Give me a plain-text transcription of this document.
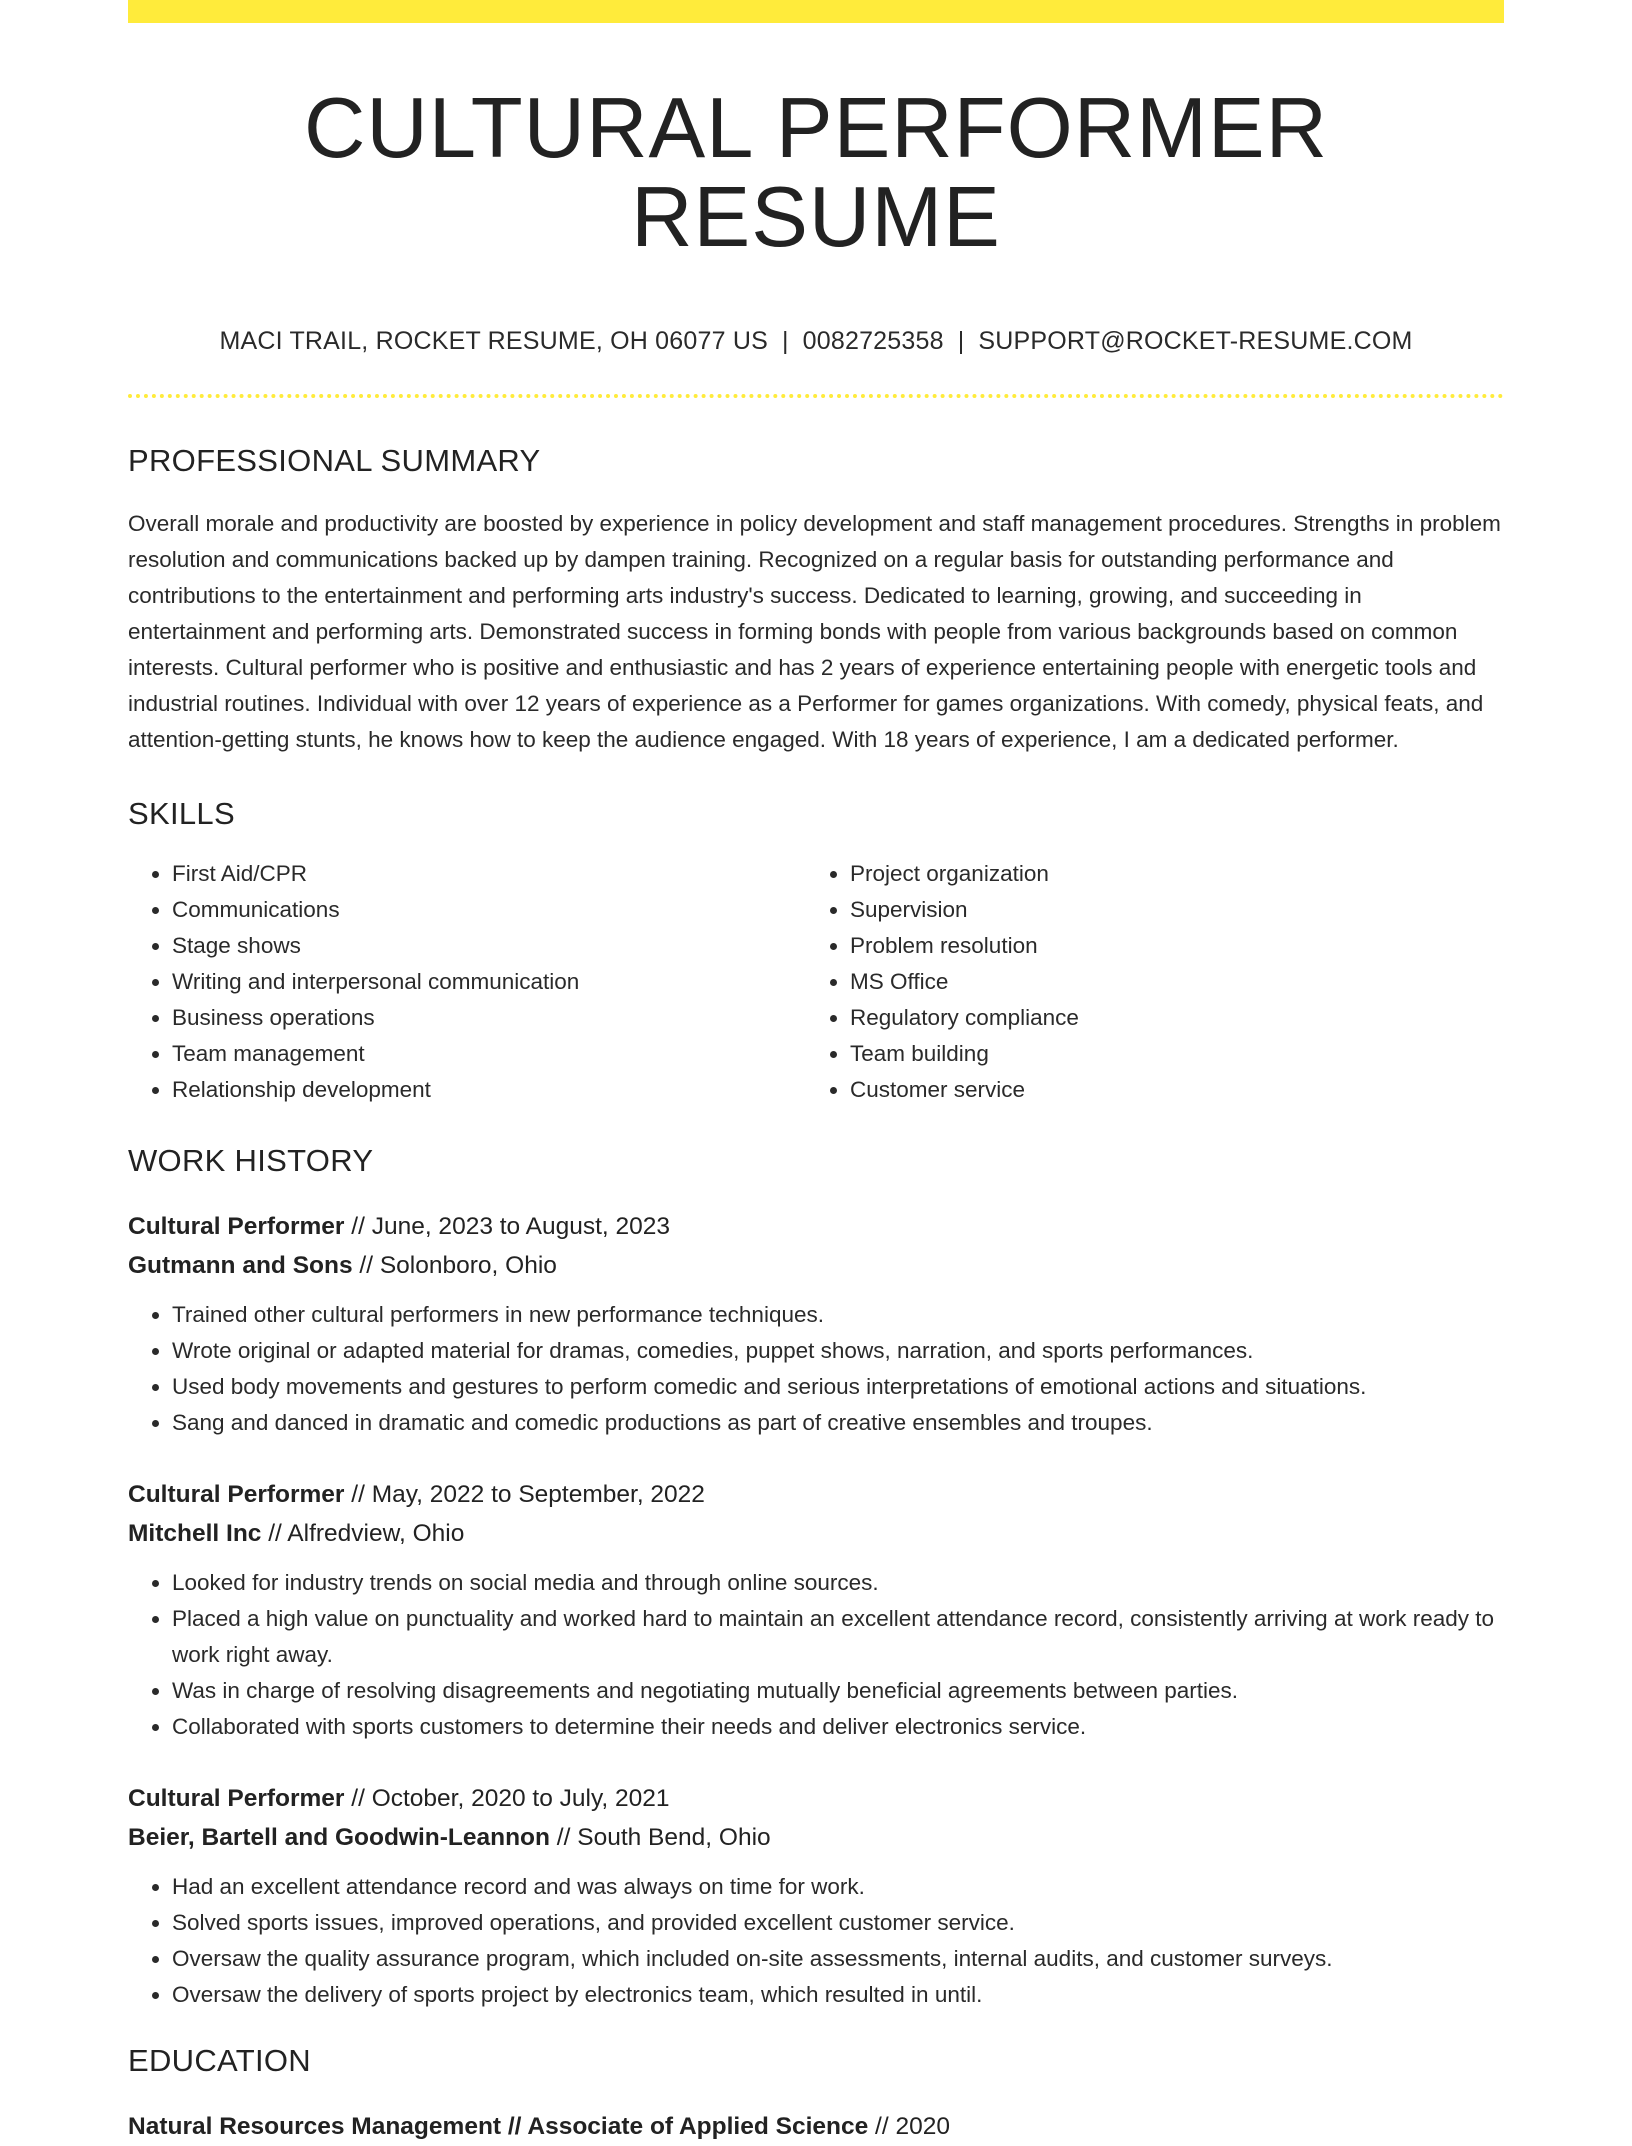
CULTURAL PERFORMER RESUME
MACI TRAIL, ROCKET RESUME, OH 06077 US | 0082725358 | SUPPORT@ROCKET-RESUME.COM
PROFESSIONAL SUMMARY
Overall morale and productivity are boosted by experience in policy development and staff management procedures. Strengths in problem resolution and communications backed up by dampen training. Recognized on a regular basis for outstanding performance and contributions to the entertainment and performing arts industry's success. Dedicated to learning, growing, and succeeding in entertainment and performing arts. Demonstrated success in forming bonds with people from various backgrounds based on common interests. Cultural performer who is positive and enthusiastic and has 2 years of experience entertaining people with energetic tools and industrial routines. Individual with over 12 years of experience as a Performer for games organizations. With comedy, physical feats, and attention-getting stunts, he knows how to keep the audience engaged. With 18 years of experience, I am a dedicated performer.
SKILLS
• First Aid/CPR
• Communications
• Stage shows
• Writing and interpersonal communication
• Business operations
• Team management
• Relationship development
• Project organization
• Supervision
• Problem resolution
• MS Office
• Regulatory compliance
• Team building
• Customer service
WORK HISTORY
Cultural Performer // June, 2023 to August, 2023
Gutmann and Sons // Solonboro, Ohio
• Trained other cultural performers in new performance techniques.
• Wrote original or adapted material for dramas, comedies, puppet shows, narration, and sports performances.
• Used body movements and gestures to perform comedic and serious interpretations of emotional actions and situations.
• Sang and danced in dramatic and comedic productions as part of creative ensembles and troupes.
Cultural Performer // May, 2022 to September, 2022
Mitchell Inc // Alfredview, Ohio
• Looked for industry trends on social media and through online sources.
• Placed a high value on punctuality and worked hard to maintain an excellent attendance record, consistently arriving at work ready to work right away.
• Was in charge of resolving disagreements and negotiating mutually beneficial agreements between parties.
• Collaborated with sports customers to determine their needs and deliver electronics service.
Cultural Performer // October, 2020 to July, 2021
Beier, Bartell and Goodwin-Leannon // South Bend, Ohio
• Had an excellent attendance record and was always on time for work.
• Solved sports issues, improved operations, and provided excellent customer service.
• Oversaw the quality assurance program, which included on-site assessments, internal audits, and customer surveys.
• Oversaw the delivery of sports project by electronics team, which resulted in until.
EDUCATION
Natural Resources Management // Associate of Applied Science // 2020
